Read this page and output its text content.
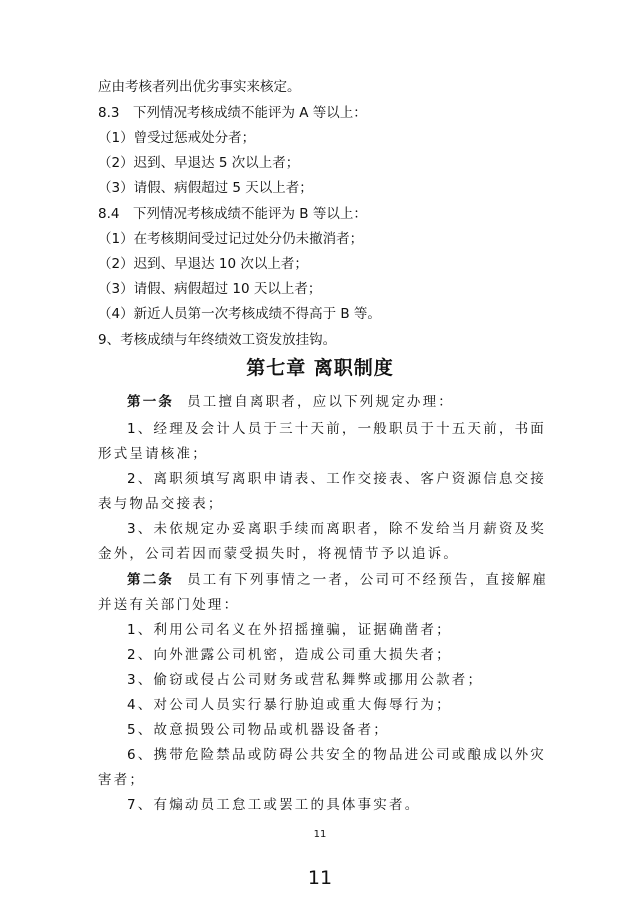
应由考核者列出优劣事实来核定。
8.3　下列情况考核成绩不能评为 A 等以上：
（1）曾受过惩戒处分者；
（2）迟到、早退达 5 次以上者；
（3）请假、病假超过 5 天以上者；
8.4　下列情况考核成绩不能评为 B 等以上：
（1）在考核期间受过记过处分仍未撤消者；
（2）迟到、早退达 10 次以上者；
（3）请假、病假超过 10 天以上者；
（4）新近人员第一次考核成绩不得高于 B 等。
9、考核成绩与年终绩效工资发放挂钩。
第七章 离职制度
第一条 员工擅自离职者，应以下列规定办理：
1、经理及会计人员于三十天前，一般职员于十五天前，书面
形式呈请核准；
2、离职须填写离职申请表、工作交接表、客户资源信息交接
表与物品交接表；
3、未依规定办妥离职手续而离职者，除不发给当月薪资及奖
金外，公司若因而蒙受损失时，将视情节予以追诉。
第二条 员工有下列事情之一者，公司可不经预告，直接解雇
并送有关部门处理：
1、利用公司名义在外招摇撞骗，证据确凿者；
2、向外泄露公司机密，造成公司重大损失者；
3、偷窃或侵占公司财务或营私舞弊或挪用公款者；
4、对公司人员实行暴行胁迫或重大侮辱行为；
5、故意损毁公司物品或机器设备者；
6、携带危险禁品或防碍公共安全的物品进公司或酿成以外灾
害者；
7、有煽动员工怠工或罢工的具体事实者。
11
11
